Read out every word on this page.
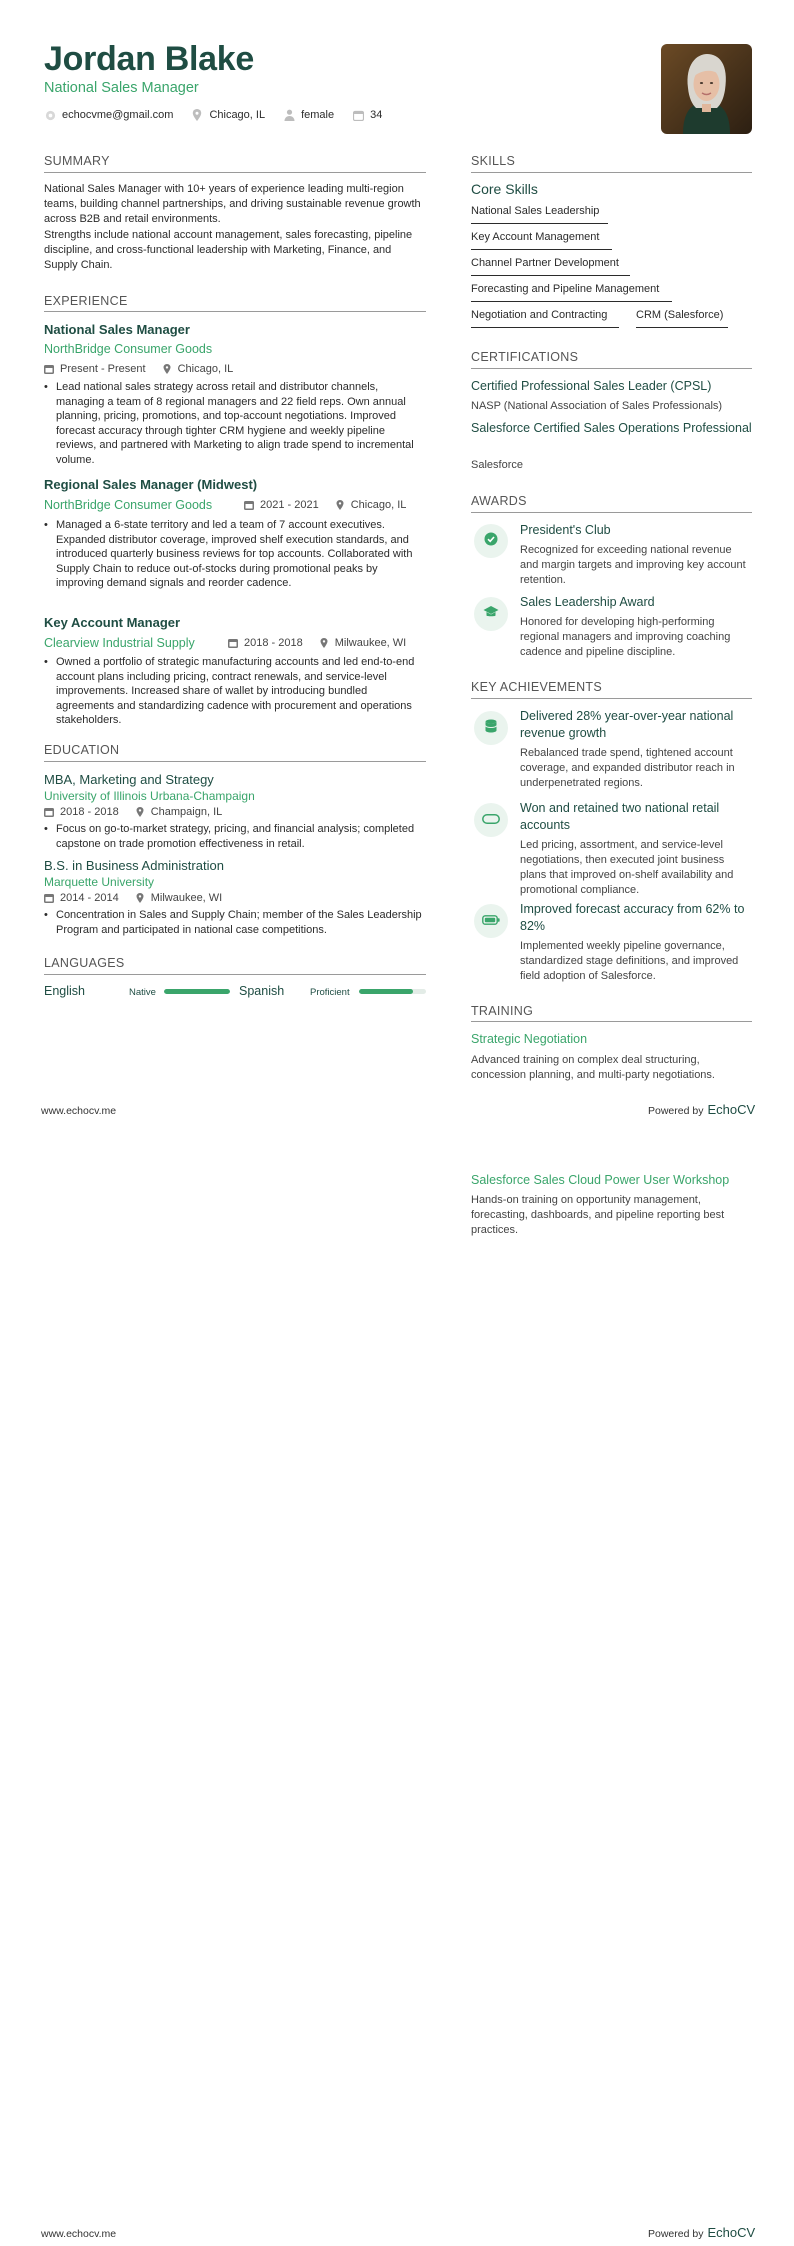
Jordan Blake
National Sales Manager
echocvme@gmail.com	Chicago, IL	female	34
SUMMARY
National Sales Manager with 10+ years of experience leading multi-region teams, building channel partnerships, and driving sustainable revenue growth across B2B and retail environments.
Strengths include national account management, sales forecasting, pipeline discipline, and cross-functional leadership with Marketing, Finance, and Supply Chain.
EXPERIENCE
National Sales Manager
NorthBridge Consumer Goods
Present - Present	Chicago, IL
• Lead national sales strategy across retail and distributor channels, managing a team of 8 regional managers and 22 field reps. Own annual planning, pricing, promotions, and top-account negotiations. Improved forecast accuracy through tighter CRM hygiene and weekly pipeline reviews, and partnered with Marketing to align trade spend to incremental volume.
Regional Sales Manager (Midwest)
NorthBridge Consumer Goods	2021 - 2021	Chicago, IL
• Managed a 6-state territory and led a team of 7 account executives. Expanded distributor coverage, improved shelf execution standards, and introduced quarterly business reviews for top accounts. Collaborated with Supply Chain to reduce out-of-stocks during promotional peaks by improving demand signals and reorder cadence.
Key Account Manager
Clearview Industrial Supply	2018 - 2018	Milwaukee, WI
• Owned a portfolio of strategic manufacturing accounts and led end-to-end account plans including pricing, contract renewals, and service-level improvements. Increased share of wallet by introducing bundled agreements and standardizing cadence with procurement and operations stakeholders.
EDUCATION
MBA, Marketing and Strategy
University of Illinois Urbana-Champaign
2018 - 2018	Champaign, IL
• Focus on go-to-market strategy, pricing, and financial analysis; completed capstone on trade promotion effectiveness in retail.
B.S. in Business Administration
Marquette University
2014 - 2014	Milwaukee, WI
• Concentration in Sales and Supply Chain; member of the Sales Leadership Program and participated in national case competitions.
LANGUAGES
English	Native	Spanish	Proficient
SKILLS
Core Skills
National Sales Leadership
Key Account Management
Channel Partner Development
Forecasting and Pipeline Management
Negotiation and Contracting	CRM (Salesforce)
CERTIFICATIONS
Certified Professional Sales Leader (CPSL)
NASP (National Association of Sales Professionals)
Salesforce Certified Sales Operations Professional
Salesforce
AWARDS
President's Club
Recognized for exceeding national revenue and margin targets and improving key account retention.
Sales Leadership Award
Honored for developing high-performing regional managers and improving coaching cadence and pipeline discipline.
KEY ACHIEVEMENTS
Delivered 28% year-over-year national revenue growth
Rebalanced trade spend, tightened account coverage, and expanded distributor reach in underpenetrated regions.
Won and retained two national retail accounts
Led pricing, assortment, and service-level negotiations, then executed joint business plans that improved on-shelf availability and promotional compliance.
Improved forecast accuracy from 62% to 82%
Implemented weekly pipeline governance, standardized stage definitions, and improved field adoption of Salesforce.
TRAINING
Strategic Negotiation
Advanced training on complex deal structuring, concession planning, and multi-party negotiations.
www.echocv.me	Powered by EchoCV
Salesforce Sales Cloud Power User Workshop
Hands-on training on opportunity management, forecasting, dashboards, and pipeline reporting best practices.
www.echocv.me	Powered by EchoCV
